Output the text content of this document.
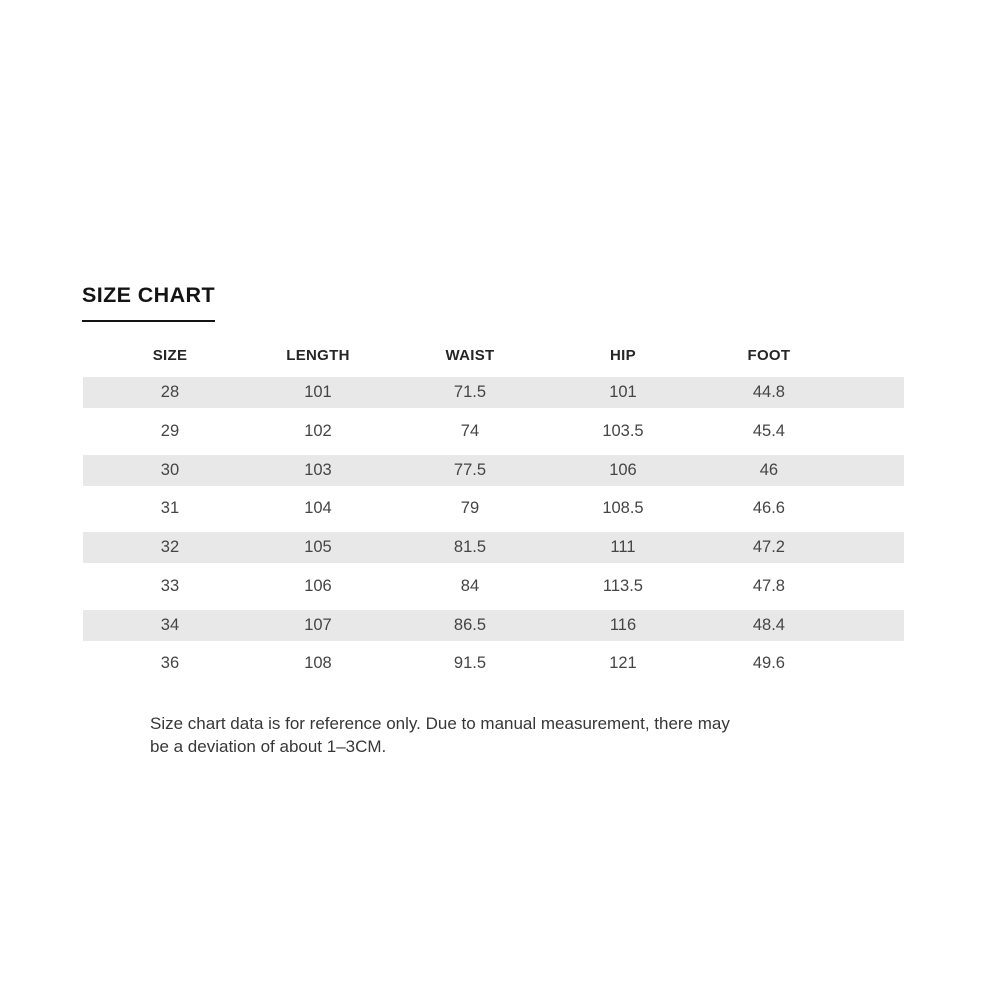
SIZE CHART
SIZE	LENGTH	WAIST	HIP	FOOT
28	101	71.5	101	44.8
29	102	74	103.5	45.4
30	103	77.5	106	46
31	104	79	108.5	46.6
32	105	81.5	111	47.2
33	106	84	113.5	47.8
34	107	86.5	116	48.4
36	108	91.5	121	49.6

Size chart data is for reference only. Due to manual measurement, there may
be a deviation of about 1–3CM.
